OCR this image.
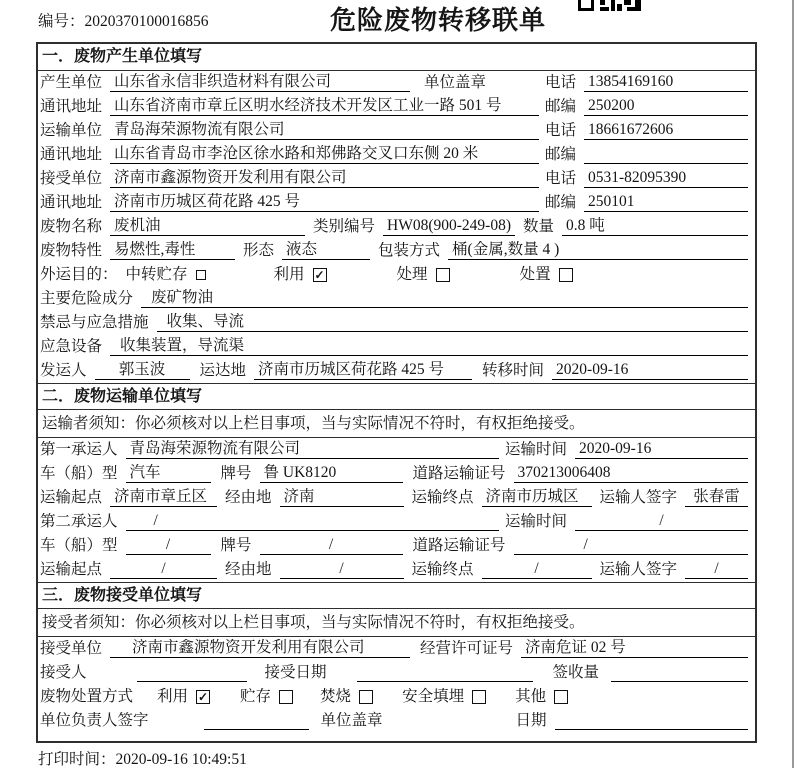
编号：2020370100016856	危险废物转移联单
一．废物产生单位填写
产生单位 山东省永信非织造材料有限公司	单位盖章	电话 13854169160
通讯地址 山东省济南市章丘区明水经济技术开发区工业一路 501 号	邮编 250200
运输单位 青岛海荣源物流有限公司	电话 18661672606
通讯地址 山东省青岛市李沧区徐水路和郑佛路交叉口东侧 20 米	邮编
接受单位 济南市鑫源物资开发利用有限公司	电话 0531-82095390
通讯地址 济南市历城区荷花路 425 号	邮编 250101
废物名称 废机油	类别编号 HW08(900-249-08) 数量 0.8 吨
废物特性 易燃性,毒性	形态 液态	包装方式 桶(金属,数量 4 )
外运目的： 中转贮存	利用 ✓	处理	处置
主要危险成分	废矿物油
禁忌与应急措施	收集、导流
应急设备	收集装置，导流渠
发运人	郭玉波	运达地 济南市历城区荷花路 425 号	转移时间 2020-09-16
二．废物运输单位填写
运输者须知：你必须核对以上栏目事项，当与实际情况不符时，有权拒绝接受。
第一承运人 青岛海荣源物流有限公司	运输时间 2020-09-16
车（船）型 汽车	牌号 鲁 UK8120	道路运输证号 370213006408
运输起点 济南市章丘区	经由地 济南	运输终点 济南市历城区	运输人签字	张春雷
第二承运人	/	运输时间	/
车（船）型	/	牌号	/	道路运输证号	/
运输起点	/	经由地	/	运输终点	/	运输人签字	/
三．废物接受单位填写
接受者须知：你必须核对以上栏目事项，当与实际情况不符时，有权拒绝接受。
接受单位	济南市鑫源物资开发利用有限公司	经营许可证号 济南危证 02 号
接受人	接受日期	签收量
废物处置方式 利用 ✓ 贮存	焚烧	安全填埋	其他
单位负责人签字	单位盖章	日期
打印时间：2020-09-16 10:49:51
